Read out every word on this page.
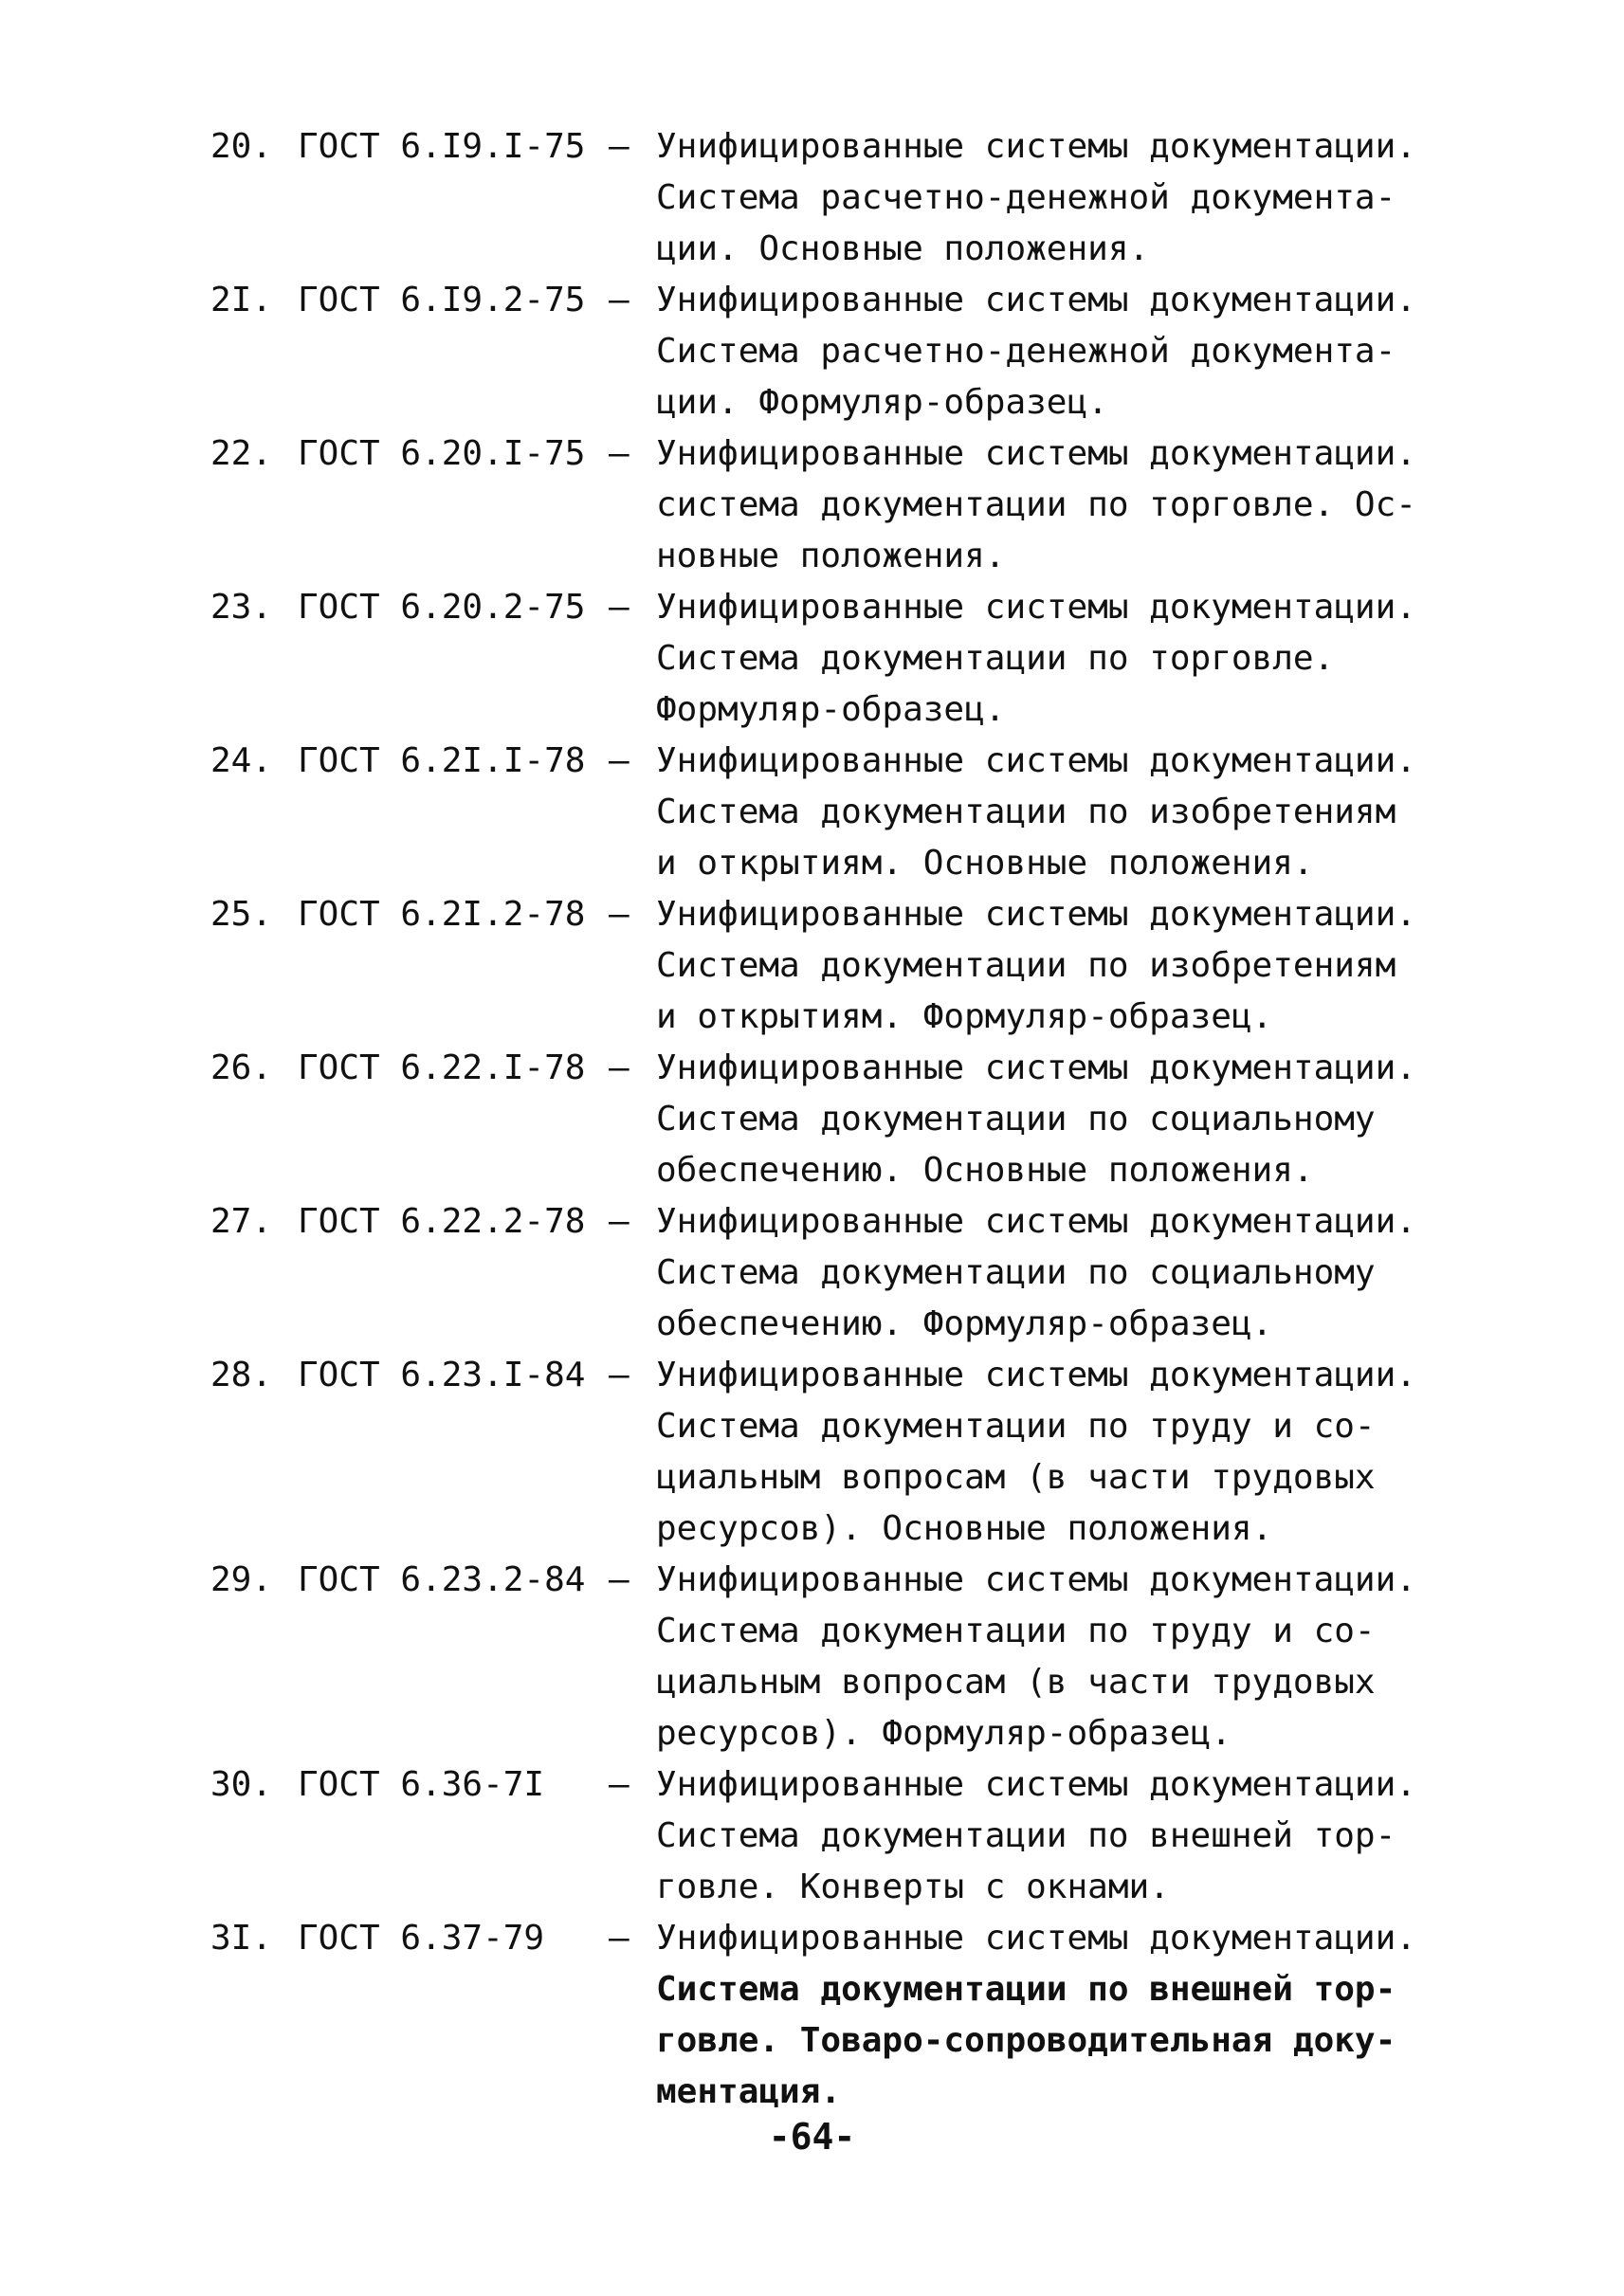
20. ГОСТ 6.I9.I-75 – Унифицированные системы документации.
Система расчетно-денежной документа-
ции. Основные положения.
2I. ГОСТ 6.I9.2-75 – Унифицированные системы документации.
Система расчетно-денежной документа-
ции. Формуляр-образец.
22. ГОСТ 6.20.I-75 – Унифицированные системы документации.
система документации по торговле. Ос-
новные положения.
23. ГОСТ 6.20.2-75 – Унифицированные системы документации.
Система документации по торговле.
Формуляр-образец.
24. ГОСТ 6.2I.I-78 – Унифицированные системы документации.
Система документации по изобретениям
и открытиям. Основные положения.
25. ГОСТ 6.2I.2-78 – Унифицированные системы документации.
Система документации по изобретениям
и открытиям. Формуляр-образец.
26. ГОСТ 6.22.I-78 – Унифицированные системы документации.
Система документации по социальному
обеспечению. Основные положения.
27. ГОСТ 6.22.2-78 – Унифицированные системы документации.
Система документации по социальному
обеспечению. Формуляр-образец.
28. ГОСТ 6.23.I-84 – Унифицированные системы документации.
Система документации по труду и со-
циальным вопросам (в части трудовых
ресурсов). Основные положения.
29. ГОСТ 6.23.2-84 – Унифицированные системы документации.
Система документации по труду и со-
циальным вопросам (в части трудовых
ресурсов). Формуляр-образец.
30. ГОСТ 6.36-7I – Унифицированные системы документации.
Система документации по внешней тор-
говле. Конверты с окнами.
3I. ГОСТ 6.37-79 – Унифицированные системы документации.
Система документации по внешней тор-
говле. Товаро-сопроводительная доку-
ментация.
-64-
